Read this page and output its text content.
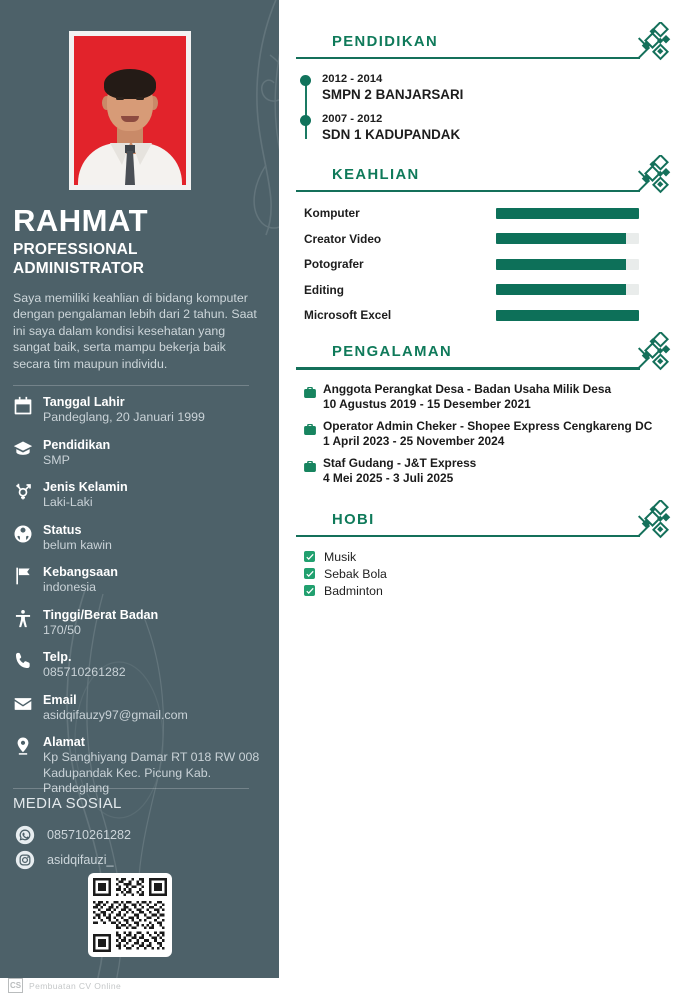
RAHMAT
PROFESSIONAL
ADMINISTRATOR
Saya memiliki keahlian di bidang komputer dengan pengalaman lebih dari 2 tahun. Saat ini saya dalam kondisi kesehatan yang sangat baik, serta mampu bekerja baik secara tim maupun individu.
Tanggal Lahir
Pandeglang, 20 Januari 1999
Pendidikan
SMP
Jenis Kelamin
Laki-Laki
Status
belum kawin
Kebangsaan
indonesia
Tinggi/Berat Badan
170/50
Telp.
085710261282
Email
asidqifauzy97@gmail.com
Alamat
Kp Sanghiyang Damar RT 018 RW 008 Kadupandak Kec. Picung Kab. Pandeglang
MEDIA SOSIAL
085710261282
asidqifauzi_
PENDIDIKAN
2012 - 2014
SMPN 2 BANJARSARI
2007 - 2012
SDN 1 KADUPANDAK
KEAHLIAN
Komputer
Creator Video
Potografer
Editing
Microsoft Excel
PENGALAMAN
Anggota Perangkat Desa - Badan Usaha Milik Desa
10 Agustus 2019 - 15 Desember 2021
Operator Admin Cheker - Shopee Express Cengkareng DC
1 April 2023 - 25 November 2024
Staf Gudang - J&T Express
4 Mei 2025 - 3 Juli 2025
HOBI
Musik
Sebak Bola
Badminton
CS Pembuatan CV Online
